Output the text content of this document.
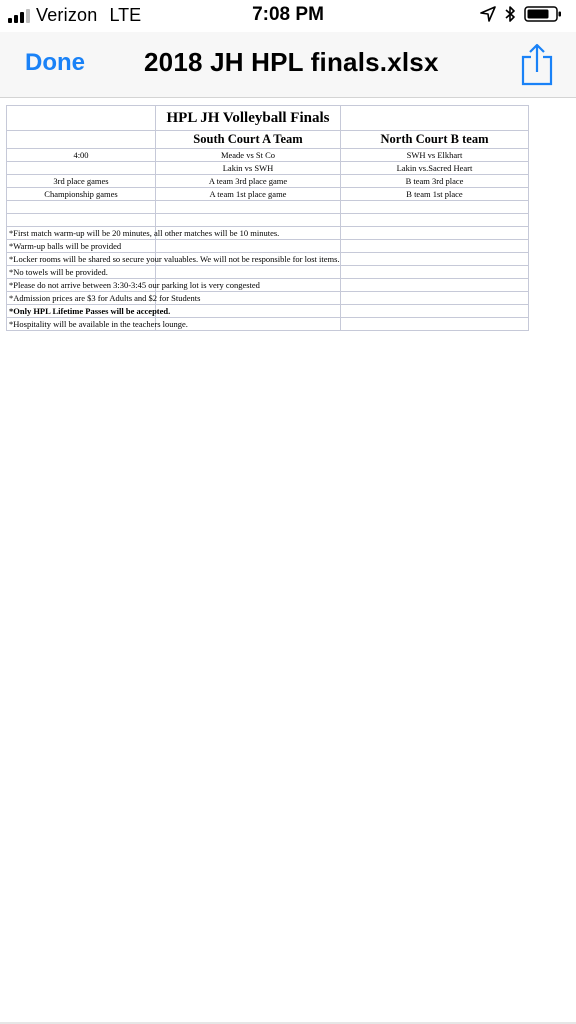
Verizon LTE	7:08 PM
Done 2018 JH HPL finals.xlsx
	HPL JH Volleyball Finals	
	South Court A Team	North Court B team
4:00	Meade vs St Co	SWH vs Elkhart
	Lakin vs SWH	Lakin vs.Sacred Heart
3rd place games	A team 3rd place game	B team 3rd place
Championship games	A team 1st place game	B team 1st place

*First match warm-up will be 20 minutes, all other matches will be 10 minutes.		

*Warm-up balls will be provided		

*Locker rooms will be shared so secure your valuables. We will not be responsible for lost items.		

*No towels will be provided.		

*Please do not arrive between 3:30-3:45 our parking lot is very congested		

*Admission prices are $3 for Adults and $2 for Students		

*Only HPL Lifetime Passes will be accepted.		

*Hospitality will be available in the teachers lounge.		
